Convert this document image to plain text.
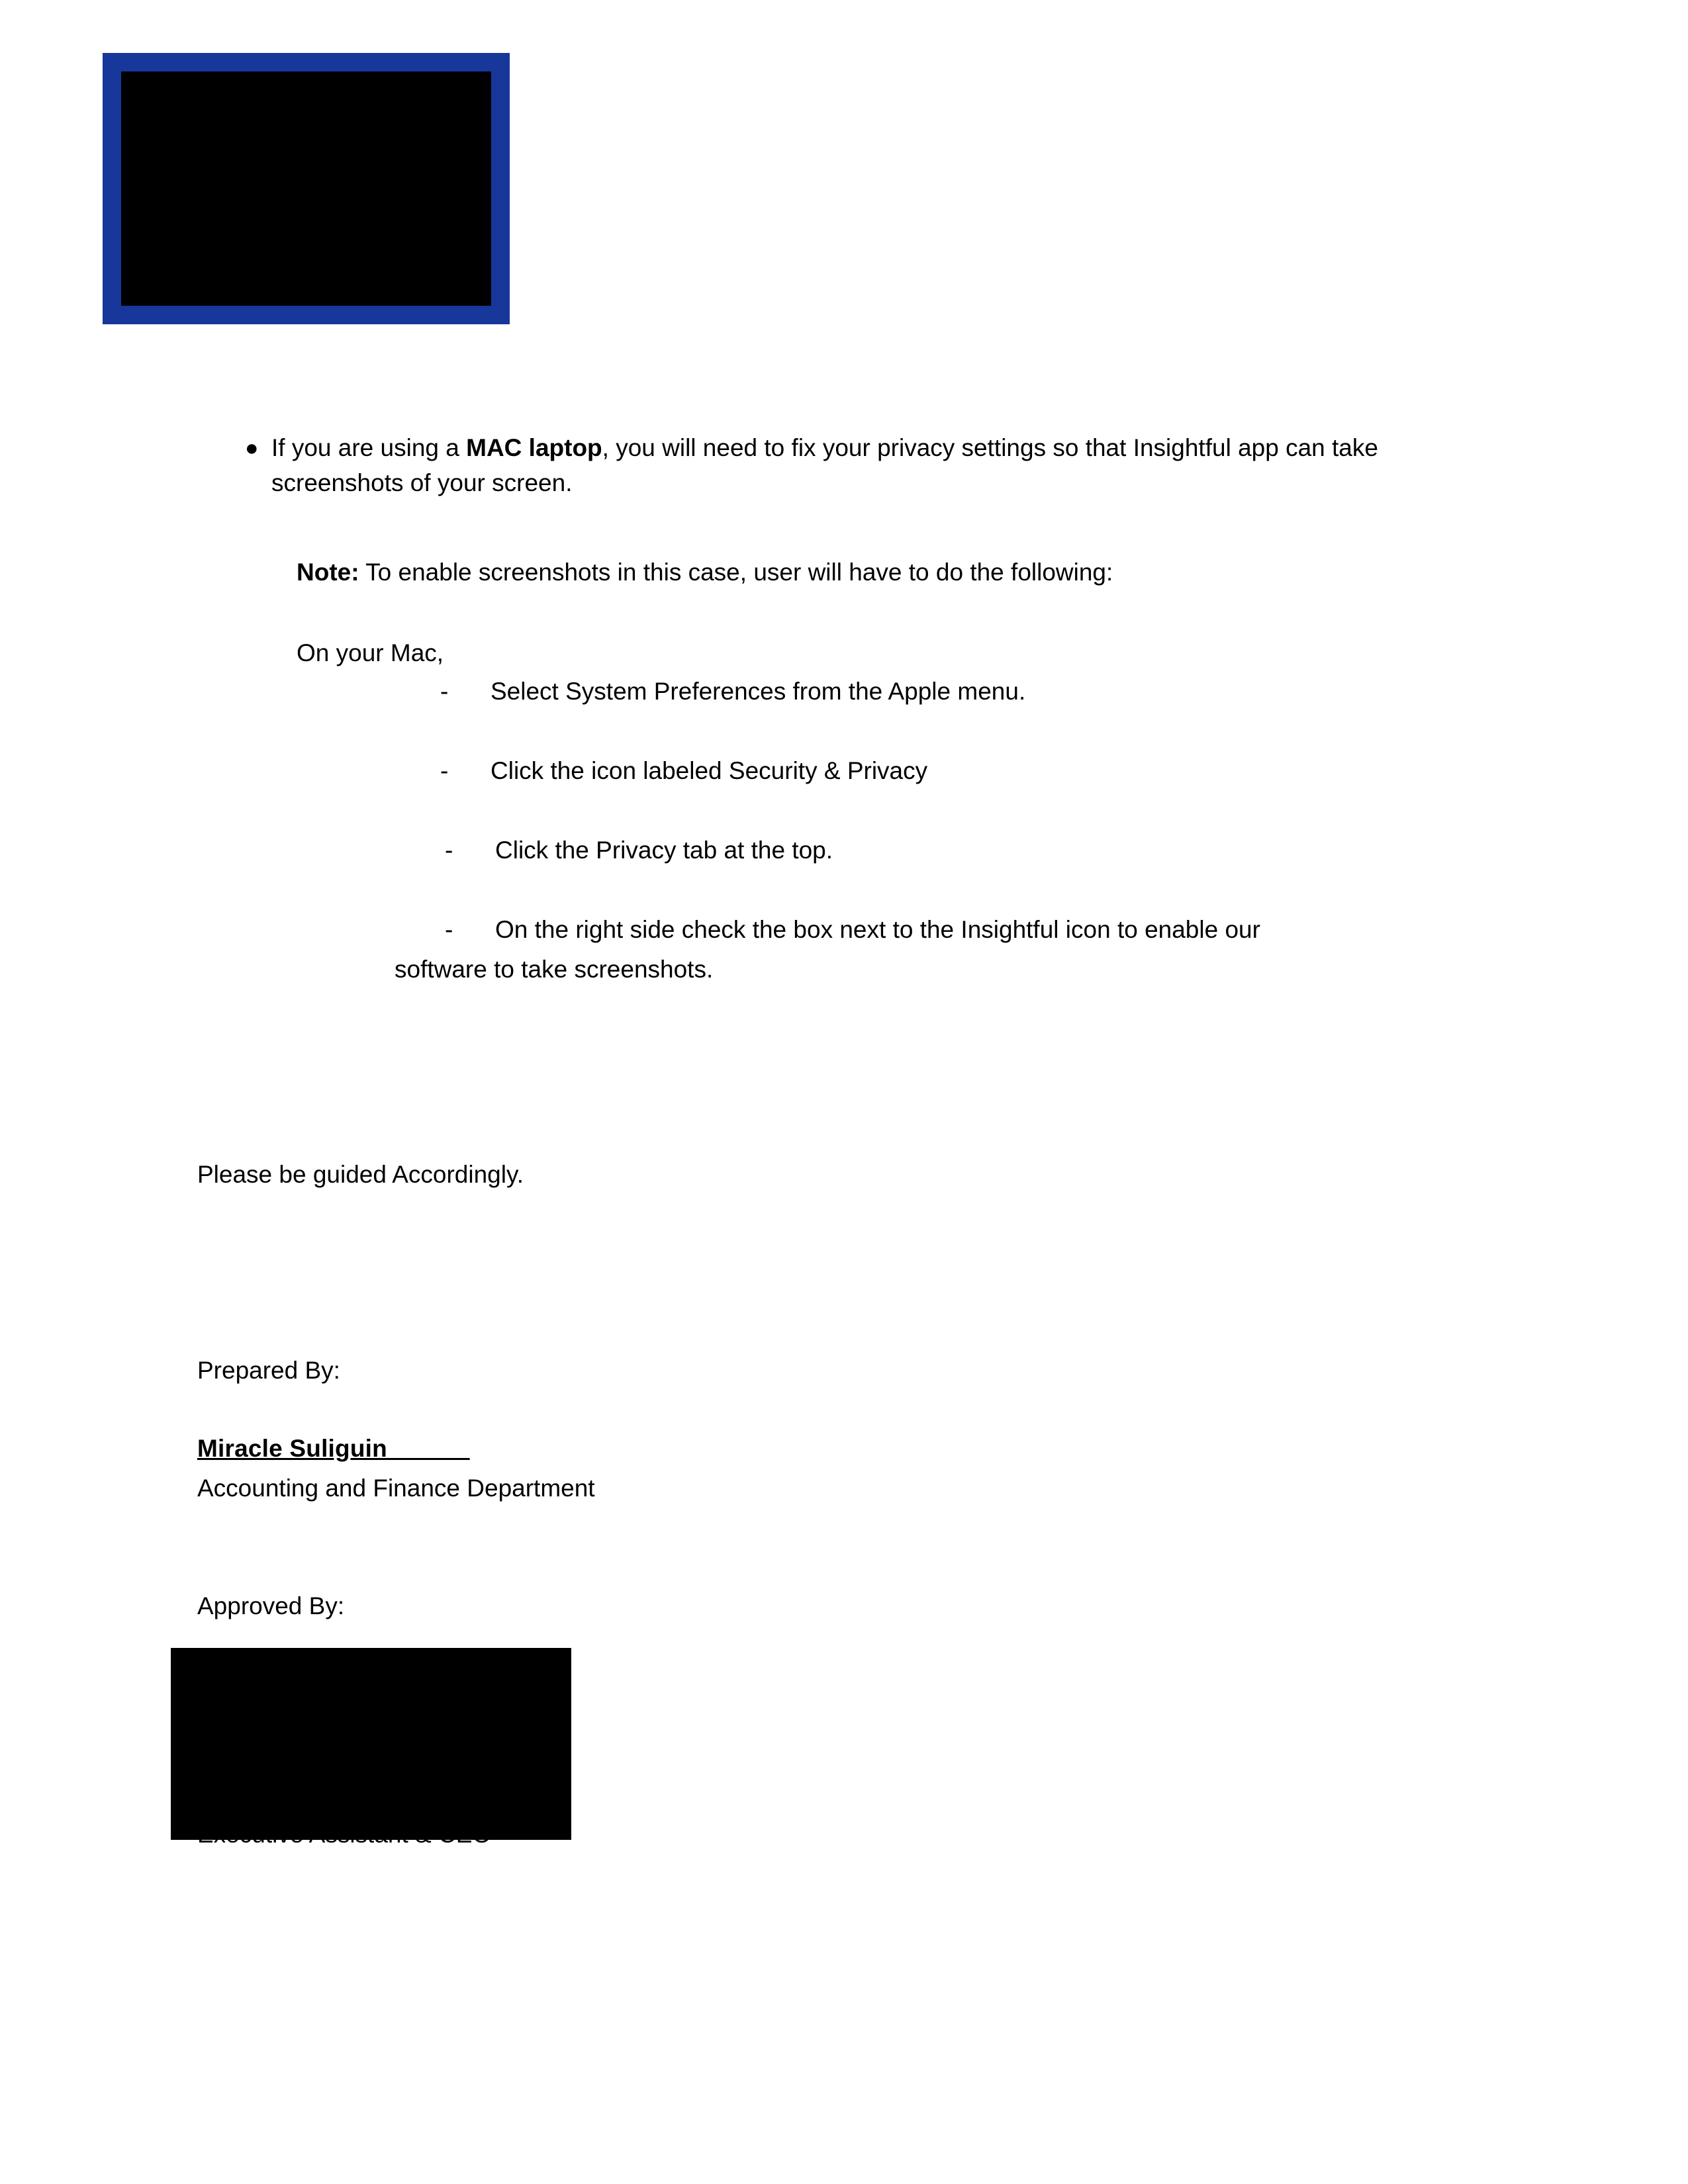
● If you are using a MAC laptop, you will need to fix your privacy settings so that Insightful app can take screenshots of your screen.
Note: To enable screenshots in this case, user will have to do the following:
On your Mac,
- Select System Preferences from the Apple menu.
- Click the icon labeled Security & Privacy
- Click the Privacy tab at the top.
- On the right side check the box next to the Insightful icon to enable our
software to take screenshots.
Please be guided Accordingly.
Prepared By:
Miracle Suliguin______
Accounting and Finance Department
Approved By:
